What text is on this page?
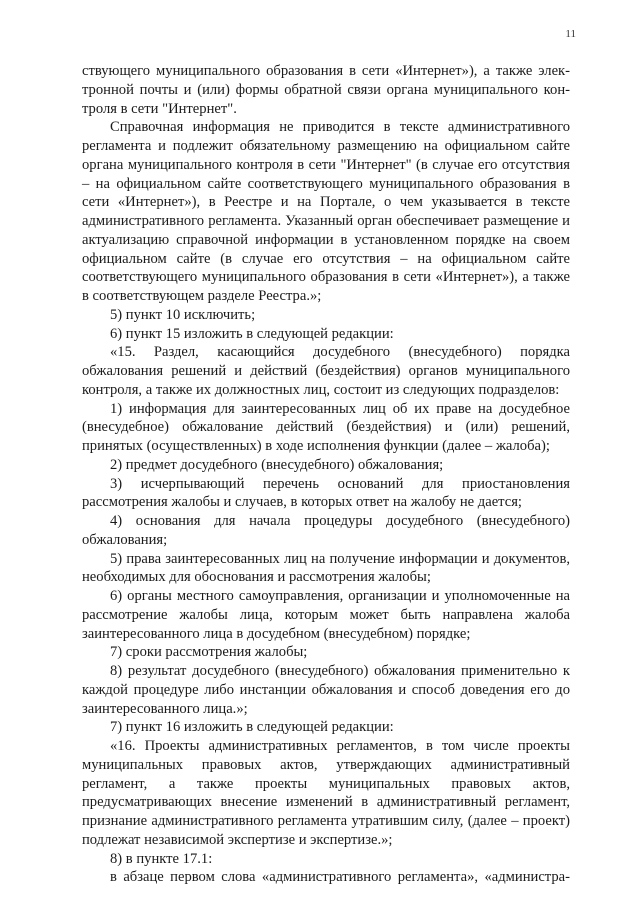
11

ствующего муниципального образования в сети «Интернет»), а также элек-

тронной почты и (или) формы обратной связи органа муниципального кон-

троля в сети "Интернет".

Справочная информация не приводится в тексте административного регламента и подлежит обязательному размещению на официальном сайте органа муниципального контроля в сети "Интернет" (в случае его отсутствия – на официальном сайте соответствующего муниципального образования в сети «Интернет»), в Реестре и на Портале, о чем указывается в тексте административного регламента. Указанный орган обеспечивает размещение и актуализацию справочной информации в установленном порядке на своем официальном сайте (в случае его отсутствия – на официальном сайте соответствующего муниципального образования в сети «Интернет»), а также в соответствующем разделе Реестра.»;

5) пункт 10 исключить;

6) пункт 15 изложить в следующей редакции:

«15. Раздел, касающийся досудебного (внесудебного) порядка обжалования решений и действий (бездействия) органов муниципального контроля, а также их должностных лиц, состоит из следующих подразделов:

1) информация для заинтересованных лиц об их праве на досудебное (внесудебное) обжалование действий (бездействия) и (или) решений, принятых (осуществленных) в ходе исполнения функции (далее – жалоба);

2) предмет досудебного (внесудебного) обжалования;

3) исчерпывающий перечень оснований для приостановления рассмотрения жалобы и случаев, в которых ответ на жалобу не дается;

4) основания для начала процедуры досудебного (внесудебного) обжалования;

5) права заинтересованных лиц на получение информации и документов, необходимых для обоснования и рассмотрения жалобы;

6) органы местного самоуправления, организации и уполномоченные на рассмотрение жалобы лица, которым может быть направлена жалоба заинтересованного лица в досудебном (внесудебном) порядке;

7) сроки рассмотрения жалобы;

8) результат досудебного (внесудебного) обжалования применительно к каждой процедуре либо инстанции обжалования и способ доведения его до заинтересованного лица.»;

7) пункт 16 изложить в следующей редакции:

«16. Проекты административных регламентов, в том числе проекты муниципальных правовых актов, утверждающих административный регламент, а также проекты муниципальных правовых актов, предусматривающих внесение изменений в административный регламент, признание административного регламента утратившим силу, (далее – проект) подлежат независимой экспертизе и экспертизе.»;

8) в пункте 17.1:

в абзаце первом слова «административного регламента», «администра-
